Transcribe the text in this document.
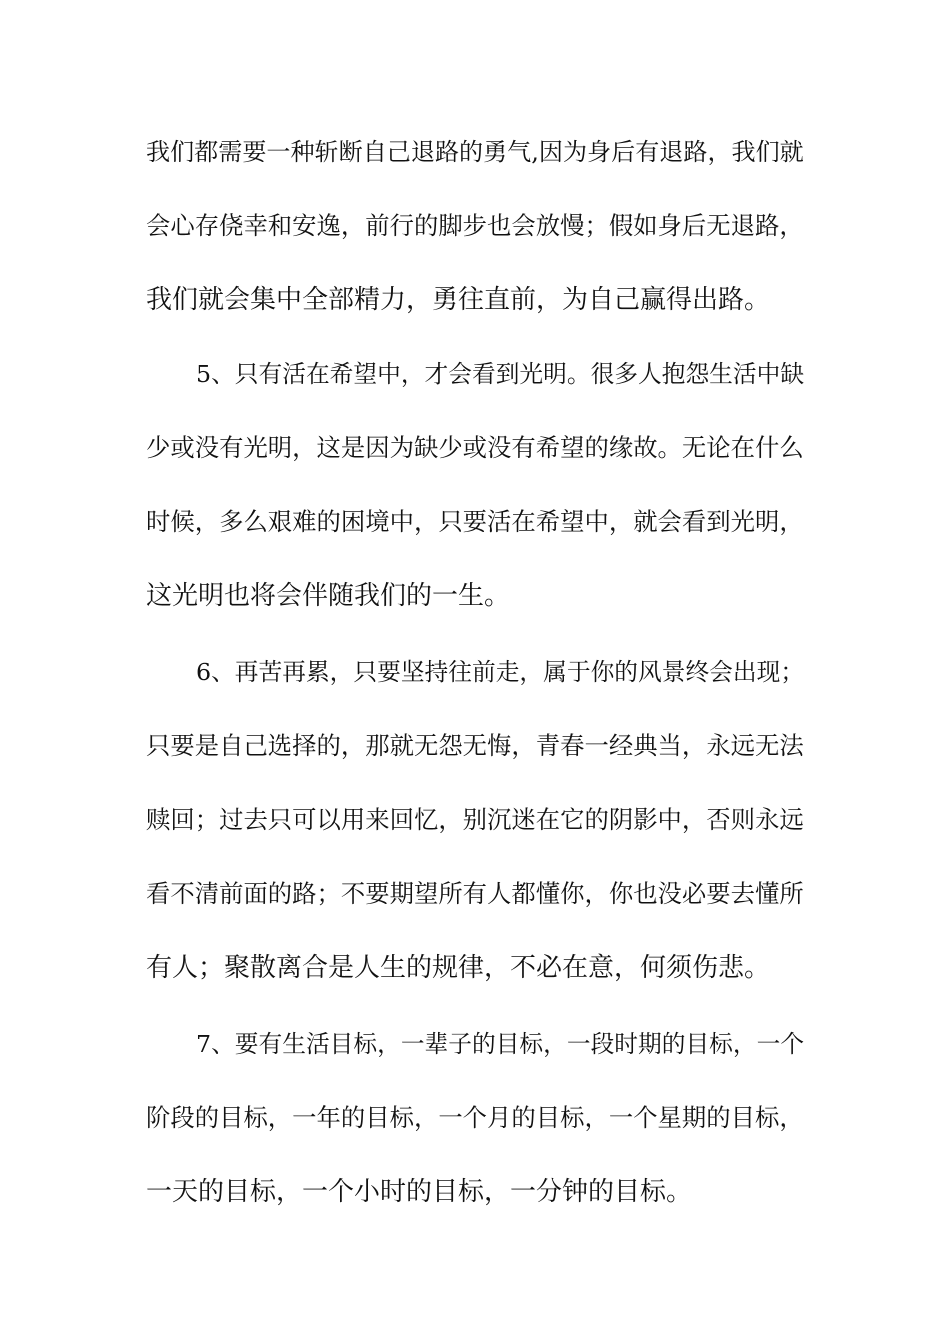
我们都需要一种斩断自己退路的勇气,因为身后有退路，我们就
会心存侥幸和安逸，前行的脚步也会放慢；假如身后无退路，
我们就会集中全部精力，勇往直前，为自己赢得出路。
5、只有活在希望中，才会看到光明。很多人抱怨生活中缺
少或没有光明，这是因为缺少或没有希望的缘故。无论在什么
时候，多么艰难的困境中，只要活在希望中，就会看到光明，
这光明也将会伴随我们的一生。
6、再苦再累，只要坚持往前走，属于你的风景终会出现；
只要是自己选择的，那就无怨无悔，青春一经典当，永远无法
赎回；过去只可以用来回忆，别沉迷在它的阴影中，否则永远
看不清前面的路；不要期望所有人都懂你，你也没必要去懂所
有人；聚散离合是人生的规律，不必在意，何须伤悲。
7、要有生活目标，一辈子的目标，一段时期的目标，一个
阶段的目标，一年的目标，一个月的目标，一个星期的目标，
一天的目标，一个小时的目标，一分钟的目标。
